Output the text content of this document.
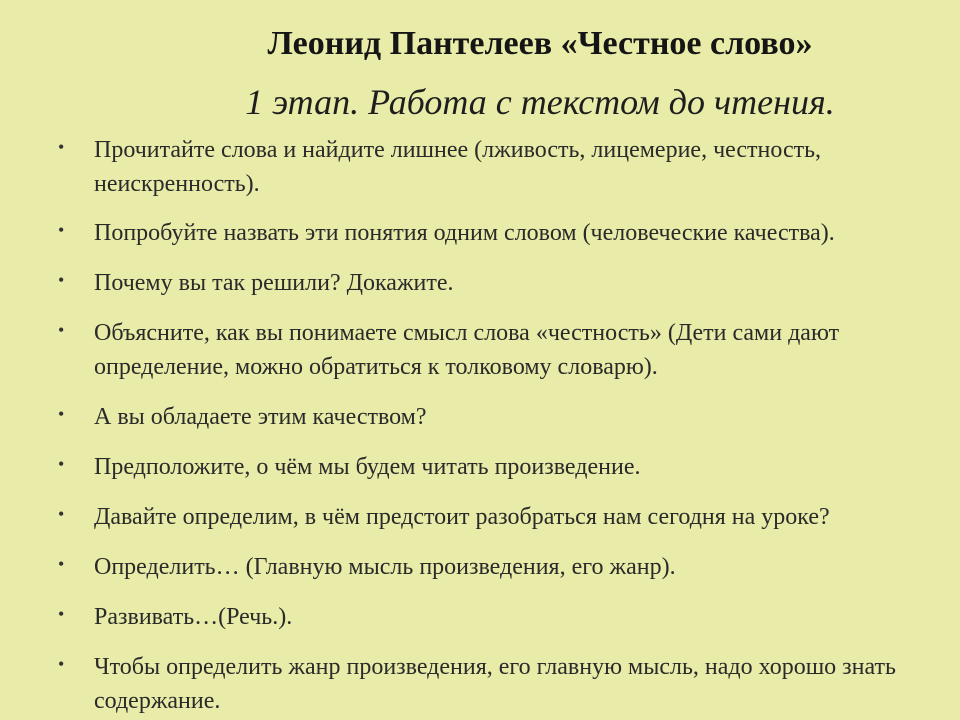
Леонид Пантелеев «Честное слово»
1 этап. Работа с текстом до чтения.
• Прочитайте слова и найдите лишнее (лживость, лицемерие, честность, неискренность).
• Попробуйте назвать эти понятия одним словом (человеческие качества).
• Почему вы так решили? Докажите.
• Объясните, как вы понимаете смысл слова «честность» (Дети сами дают определение, можно обратиться к толковому словарю).
• А вы обладаете этим качеством?
• Предположите, о чём мы будем читать произведение.
• Давайте определим, в чём предстоит разобраться нам сегодня на уроке?
• Определить… (Главную мысль произведения, его жанр).
• Развивать…(Речь.).
• Чтобы определить жанр произведения, его главную мысль, надо хорошо знать содержание.
